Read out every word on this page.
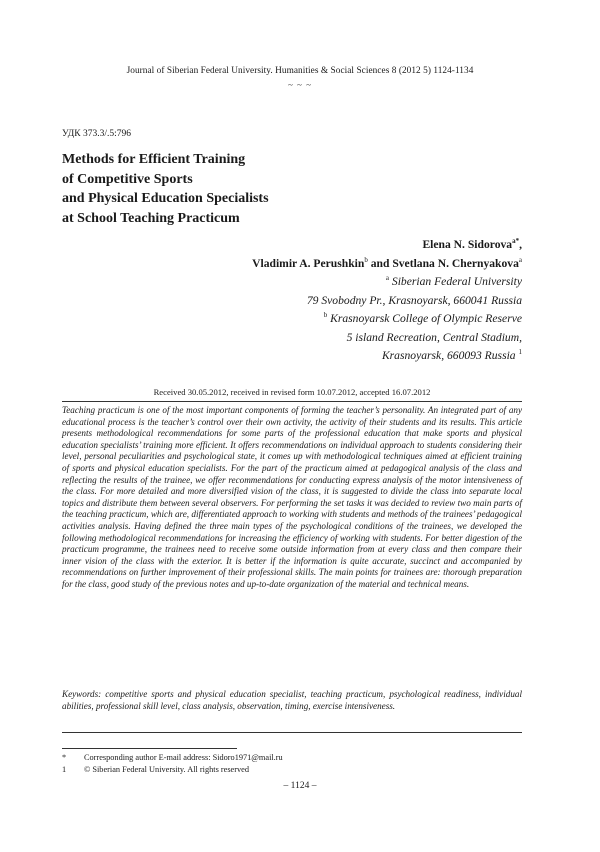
Journal of Siberian Federal University. Humanities & Social Sciences 8 (2012 5) 1124-1134
~ ~ ~
УДК 373.3/.5:796
Methods for Efficient Training
of Competitive Sports
and Physical Education Specialists
at School Teaching Practicum
Elena N. Sidorova$^{a*}$,
Vladimir A. Perushkin$^b$ and Svetlana N. Chernyakova$^a$
$^a$ Siberian Federal University
79 Svobodny Pr., Krasnoyarsk, 660041 Russia
$^b$ Krasnoyarsk College of Olympic Reserve
5 island Recreation, Central Stadium,
Krasnoyarsk, 660093 Russia $^1$
Received 30.05.2012, received in revised form 10.07.2012, accepted 16.07.2012

Teaching practicum is one of the most important components of forming the teacher’s personality. An integrated part of any educational process is the teacher’s control over their own activity, the activity of their students and its results. This article presents methodological recommendations for some parts of the professional education that make sports and physical education specialists’ training more efficient. It offers recommendations on individual approach to students considering their level, personal peculiarities and psychological state, it comes up with methodological techniques aimed at efficient training of sports and physical education specialists. For the part of the practicum aimed at pedagogical analysis of the class and reflecting the results of the trainee, we offer recommendations for conducting express analysis of the motor intensiveness of the class. For more detailed and more diversified vision of the class, it is suggested to divide the class into separate local topics and distribute them between several observers. For performing the set tasks it was decided to review two main parts of the teaching practicum, which are, differentiated approach to working with students and methods of the trainees’ pedagogical activities analysis. Having defined the three main types of the psychological conditions of the trainees, we developed the following methodological recommendations for increasing the efficiency of working with students. For better digestion of the practicum programme, the trainees need to receive some outside information from at every class and then compare their inner vision of the class with the exterior. It is better if the information is quite accurate, succinct and accompanied by recommendations on further improvement of their professional skills. The main points for trainees are: thorough preparation for the class, good study of the previous notes and up-to-date organization of the material and technical means.

Keywords: competitive sports and physical education specialist, teaching practicum, psychological readiness, individual abilities, professional skill level, class analysis, observation, timing, exercise intensiveness.

*	Corresponding author E-mail address: Sidoro1971@mail.ru
1	© Siberian Federal University. All rights reserved
– 1124 –
